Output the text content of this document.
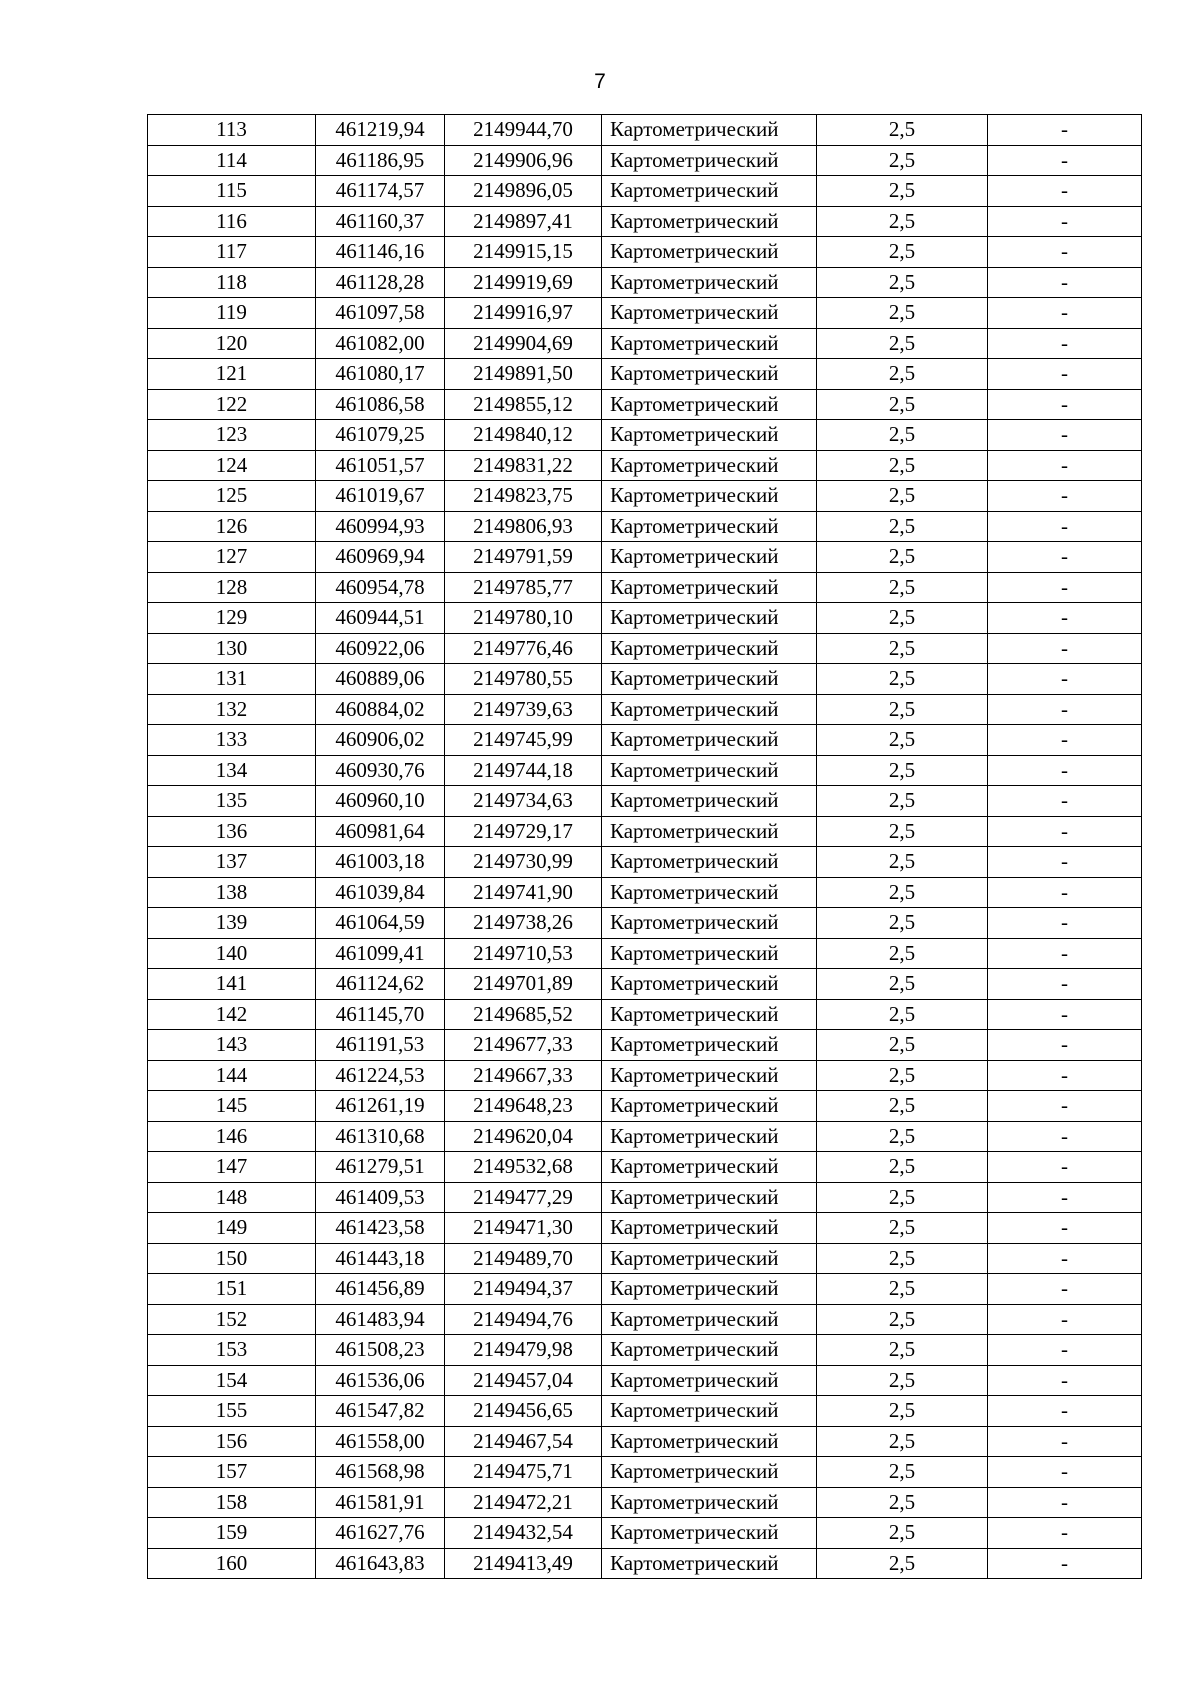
7
113	461219,94	2149944,70	Картометрический	2,5	-
114	461186,95	2149906,96	Картометрический	2,5	-
115	461174,57	2149896,05	Картометрический	2,5	-
116	461160,37	2149897,41	Картометрический	2,5	-
117	461146,16	2149915,15	Картометрический	2,5	-
118	461128,28	2149919,69	Картометрический	2,5	-
119	461097,58	2149916,97	Картометрический	2,5	-
120	461082,00	2149904,69	Картометрический	2,5	-
121	461080,17	2149891,50	Картометрический	2,5	-
122	461086,58	2149855,12	Картометрический	2,5	-
123	461079,25	2149840,12	Картометрический	2,5	-
124	461051,57	2149831,22	Картометрический	2,5	-
125	461019,67	2149823,75	Картометрический	2,5	-
126	460994,93	2149806,93	Картометрический	2,5	-
127	460969,94	2149791,59	Картометрический	2,5	-
128	460954,78	2149785,77	Картометрический	2,5	-
129	460944,51	2149780,10	Картометрический	2,5	-
130	460922,06	2149776,46	Картометрический	2,5	-
131	460889,06	2149780,55	Картометрический	2,5	-
132	460884,02	2149739,63	Картометрический	2,5	-
133	460906,02	2149745,99	Картометрический	2,5	-
134	460930,76	2149744,18	Картометрический	2,5	-
135	460960,10	2149734,63	Картометрический	2,5	-
136	460981,64	2149729,17	Картометрический	2,5	-
137	461003,18	2149730,99	Картометрический	2,5	-
138	461039,84	2149741,90	Картометрический	2,5	-
139	461064,59	2149738,26	Картометрический	2,5	-
140	461099,41	2149710,53	Картометрический	2,5	-
141	461124,62	2149701,89	Картометрический	2,5	-
142	461145,70	2149685,52	Картометрический	2,5	-
143	461191,53	2149677,33	Картометрический	2,5	-
144	461224,53	2149667,33	Картометрический	2,5	-
145	461261,19	2149648,23	Картометрический	2,5	-
146	461310,68	2149620,04	Картометрический	2,5	-
147	461279,51	2149532,68	Картометрический	2,5	-
148	461409,53	2149477,29	Картометрический	2,5	-
149	461423,58	2149471,30	Картометрический	2,5	-
150	461443,18	2149489,70	Картометрический	2,5	-
151	461456,89	2149494,37	Картометрический	2,5	-
152	461483,94	2149494,76	Картометрический	2,5	-
153	461508,23	2149479,98	Картометрический	2,5	-
154	461536,06	2149457,04	Картометрический	2,5	-
155	461547,82	2149456,65	Картометрический	2,5	-
156	461558,00	2149467,54	Картометрический	2,5	-
157	461568,98	2149475,71	Картометрический	2,5	-
158	461581,91	2149472,21	Картометрический	2,5	-
159	461627,76	2149432,54	Картометрический	2,5	-
160	461643,83	2149413,49	Картометрический	2,5	-
